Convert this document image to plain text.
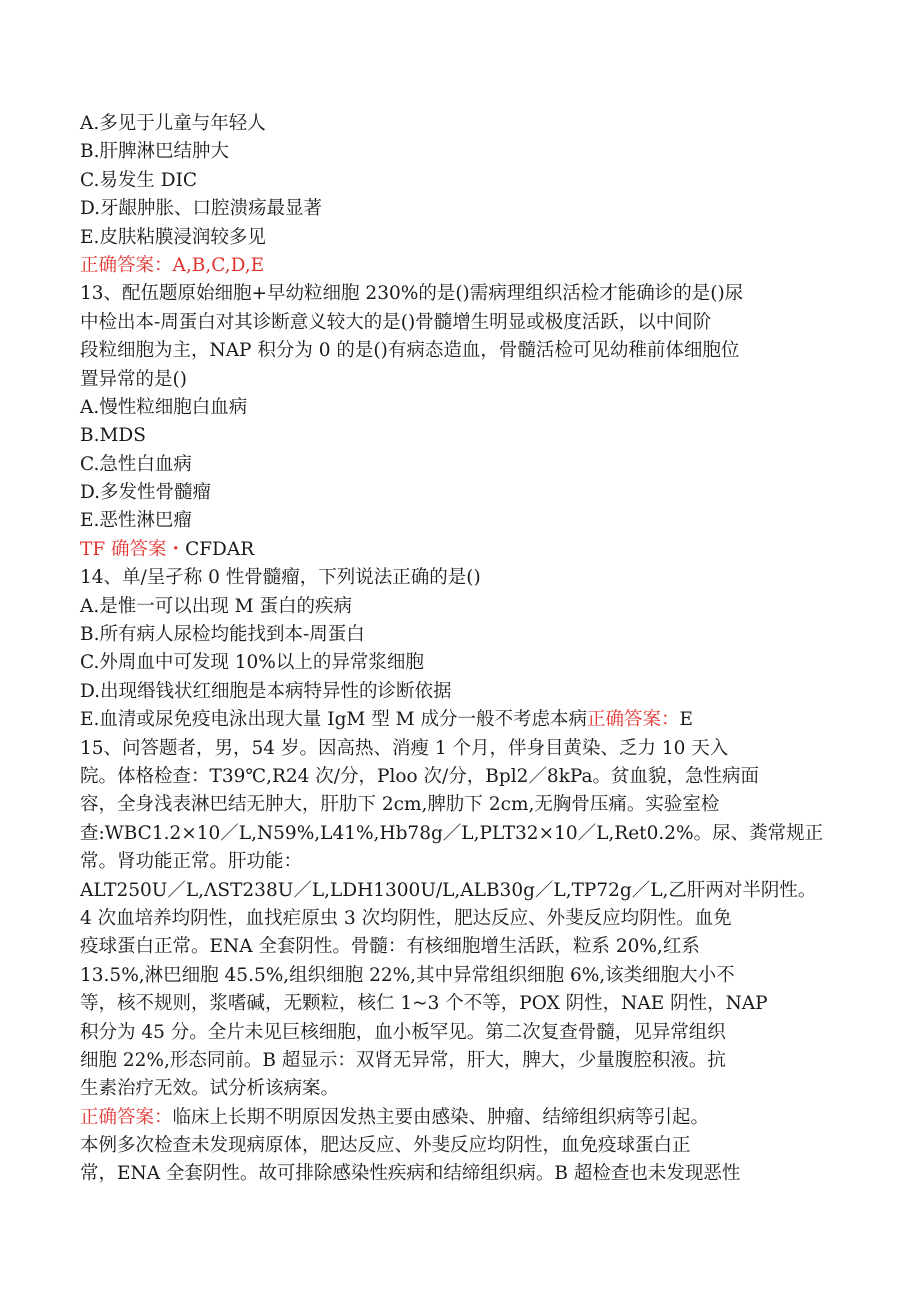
A.多见于儿童与年轻人
B.肝脾淋巴结肿大
C.易发生 DIC
D.牙龈肿胀、口腔溃疡最显著
E.皮肤粘膜浸润较多见
正确答案：A,B,C,D,E
13、配伍题原始细胞+早幼粒细胞 230%的是()需病理组织活检才能确诊的是()尿
中检出本-周蛋白对其诊断意义较大的是()骨髓增生明显或极度活跃，以中间阶
段粒细胞为主，NAP 积分为 0 的是()有病态造血，骨髓活检可见幼稚前体细胞位
置异常的是()
A.慢性粒细胞白血病
B.MDS
C.急性白血病
D.多发性骨髓瘤
E.恶性淋巴瘤
TF 确答案・CFDAR
14、单/呈孑称 0 性骨髓瘤，下列说法正确的是()
A.是惟一可以出现 M 蛋白的疾病
B.所有病人尿检均能找到本-周蛋白
C.外周血中可发现 10%以上的异常浆细胞
D.出现缗钱状红细胞是本病特异性的诊断依据
E.血清或尿免疫电泳出现大量 IgM 型 M 成分一般不考虑本病正确答案：E
15、问答题者，男，54 岁。因高热、消瘦 1 个月，伴身目黄染、乏力 10 天入
院。体格检查：T39℃,R24 次/分，Ploo 次/分，Bpl2／8kPa。贫血貌，急性病面
容，全身浅表淋巴结无肿大，肝肋下 2cm,脾肋下 2cm,无胸骨压痛。实验室检
查:WBC1.2×10／L,N59%,L41%,Hb78g／L,PLT32×10／L,Ret0.2%。尿、粪常规正
常。肾功能正常。肝功能：
ALT250U／L,ΛST238U／L,LDH1300U/L,ALB30g／L,TP72g／L,乙肝两对半阴性。
4 次血培养均阴性，血找疟原虫 3 次均阴性，肥达反应、外斐反应均阴性。血免
疫球蛋白正常。ENA 全套阴性。骨髓：有核细胞增生活跃，粒系 20%,红系
13.5%,淋巴细胞 45.5%,组织细胞 22%,其中异常组织细胞 6%,该类细胞大小不
等，核不规则，浆嗜碱，无颗粒，核仁 1~3 个不等，POX 阴性，NAE 阴性，NAP
积分为 45 分。全片未见巨核细胞，血小板罕见。第二次复查骨髓，见异常组织
细胞 22%,形态同前。B 超显示：双肾无异常，肝大，脾大，少量腹腔积液。抗
生素治疗无效。试分析该病案。
正确答案：临床上长期不明原因发热主要由感染、肿瘤、结缔组织病等引起。
本例多次检查未发现病原体，肥达反应、外斐反应均阴性，血免疫球蛋白正
常，ENA 全套阴性。故可排除感染性疾病和结缔组织病。B 超检查也未发现恶性
